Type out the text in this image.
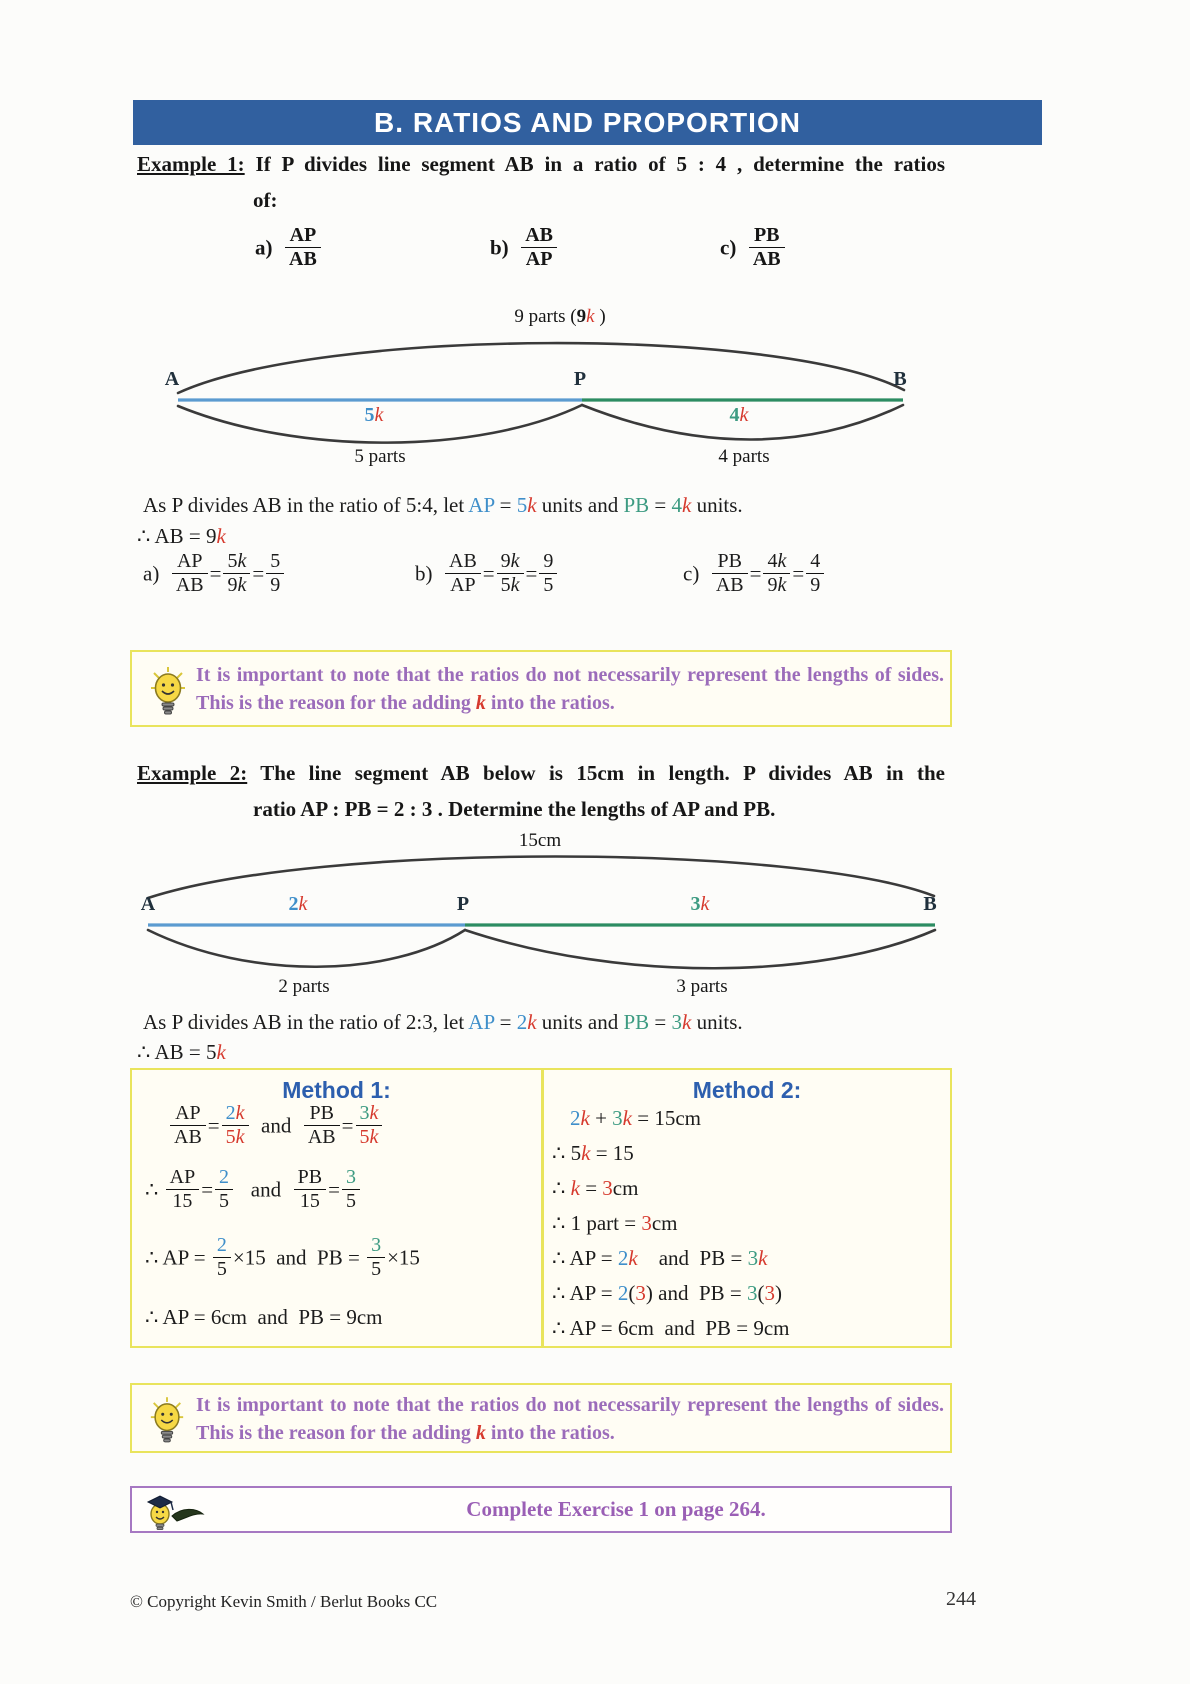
B. RATIOS AND PROPORTION
Example 1: If P divides line segment AB in a ratio of 5 : 4 , determine the ratios
of:
$a) \frac{AP}{AB}$	$b) \frac{AB}{AP}$	$c) \frac{PB}{AB}$
9 parts (9k )
A	P	B
5k	4k
5 parts	4 parts
As P divides AB in the ratio of 5:4, let AP = 5k units and PB = 4k units.
∴ AB = 9k
$a) \frac{AP}{AB} = \frac{5k}{9k} = \frac{5}{9}$	$b) \frac{AB}{AP} = \frac{9k}{5k} = \frac{9}{5}$	$c) \frac{PB}{AB} = \frac{4k}{9k} = \frac{4}{9}$
It is important to note that the ratios do not necessarily represent the lengths of sides. This is the reason for the adding k into the ratios.
Example 2: The line segment AB below is 15cm in length. P divides AB in the
ratio AP : PB = 2 : 3 . Determine the lengths of AP and PB.
15cm
A	P	B
2k	3k
2 parts	3 parts
As P divides AB in the ratio of 2:3, let AP = 2k units and PB = 3k units.
∴ AB = 5k
Method 1:
$\frac{AP}{AB} = \frac{2k}{5k}$ and $\frac{PB}{AB} = \frac{3k}{5k}$
∴ $\frac{AP}{15} = \frac{2}{5}$ and $\frac{PB}{15} = \frac{3}{5}$
∴ AP = $\frac{2}{5} \times 15$  and  PB = $\frac{3}{5} \times 15$
∴ AP = 6cm  and  PB = 9cm
Method 2:
2k + 3k = 15cm
∴ 5k = 15
∴ k = 3cm
∴ 1 part = 3cm
∴ AP = 2k    and  PB = 3k
∴ AP = 2(3) and  PB = 3(3)
∴ AP = 6cm  and  PB = 9cm
It is important to note that the ratios do not necessarily represent the lengths of sides. This is the reason for the adding k into the ratios.
Complete Exercise 1 on page 264.
© Copyright Kevin Smith / Berlut Books CC	244
